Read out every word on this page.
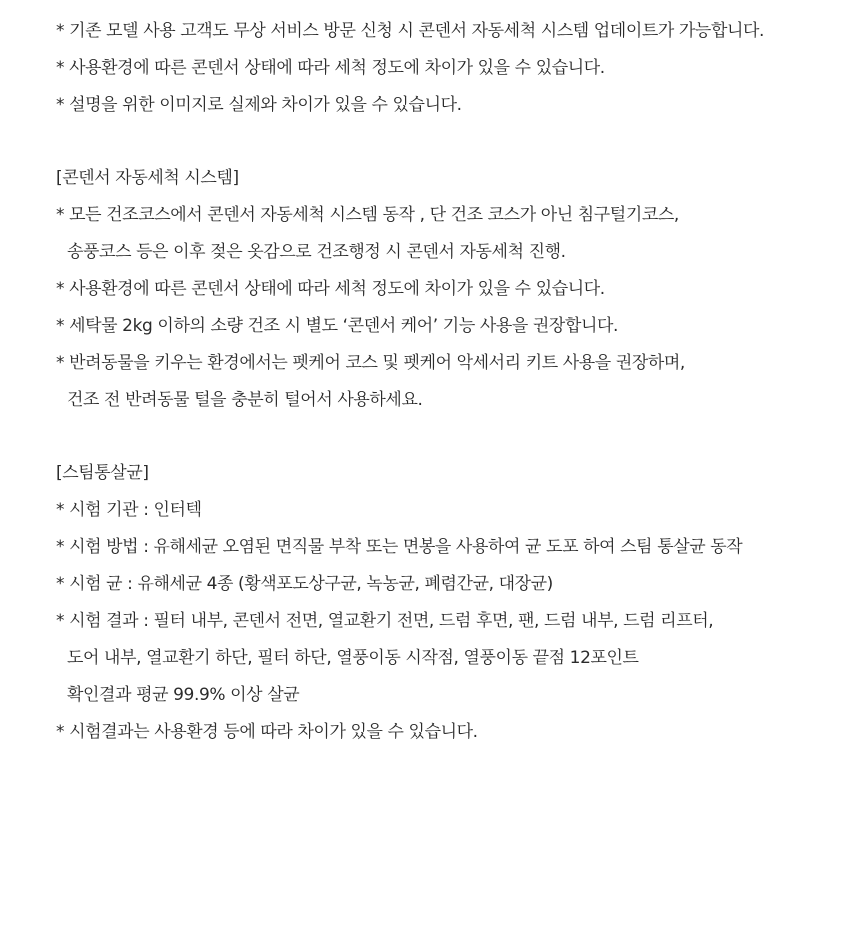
* 기존 모델 사용 고객도 무상 서비스 방문 신청 시 콘덴서 자동세척 시스템 업데이트가 가능합니다.
* 사용환경에 따른 콘덴서 상태에 따라 세척 정도에 차이가 있을 수 있습니다.
* 설명을 위한 이미지로 실제와 차이가 있을 수 있습니다.
[콘덴서 자동세척 시스템]
* 모든 건조코스에서 콘덴서 자동세척 시스템 동작 , 단 건조 코스가 아닌 침구털기코스,
송풍코스 등은 이후 젖은 옷감으로 건조행정 시 콘덴서 자동세척 진행.
* 사용환경에 따른 콘덴서 상태에 따라 세척 정도에 차이가 있을 수 있습니다.
* 세탁물 2kg 이하의 소량 건조 시 별도 ‘콘덴서 케어’ 기능 사용을 권장합니다.
* 반려동물을 키우는 환경에서는 펫케어 코스 및 펫케어 악세서리 키트 사용을 권장하며,
건조 전 반려동물 털을 충분히 털어서 사용하세요.
[스팀통살균]
* 시험 기관 : 인터텍
* 시험 방법 : 유해세균 오염된 면직물 부착 또는 면봉을 사용하여 균 도포 하여 스팀 통살균 동작
* 시험 균 : 유해세균 4종 (황색포도상구균, 녹농균, 폐렴간균, 대장균)
* 시험 결과 : 필터 내부, 콘덴서 전면, 열교환기 전면, 드럼 후면, 팬, 드럼 내부, 드럼 리프터,
도어 내부, 열교환기 하단, 필터 하단, 열풍이동 시작점, 열풍이동 끝점 12포인트
확인결과 평균 99.9% 이상 살균
* 시험결과는 사용환경 등에 따라 차이가 있을 수 있습니다.
